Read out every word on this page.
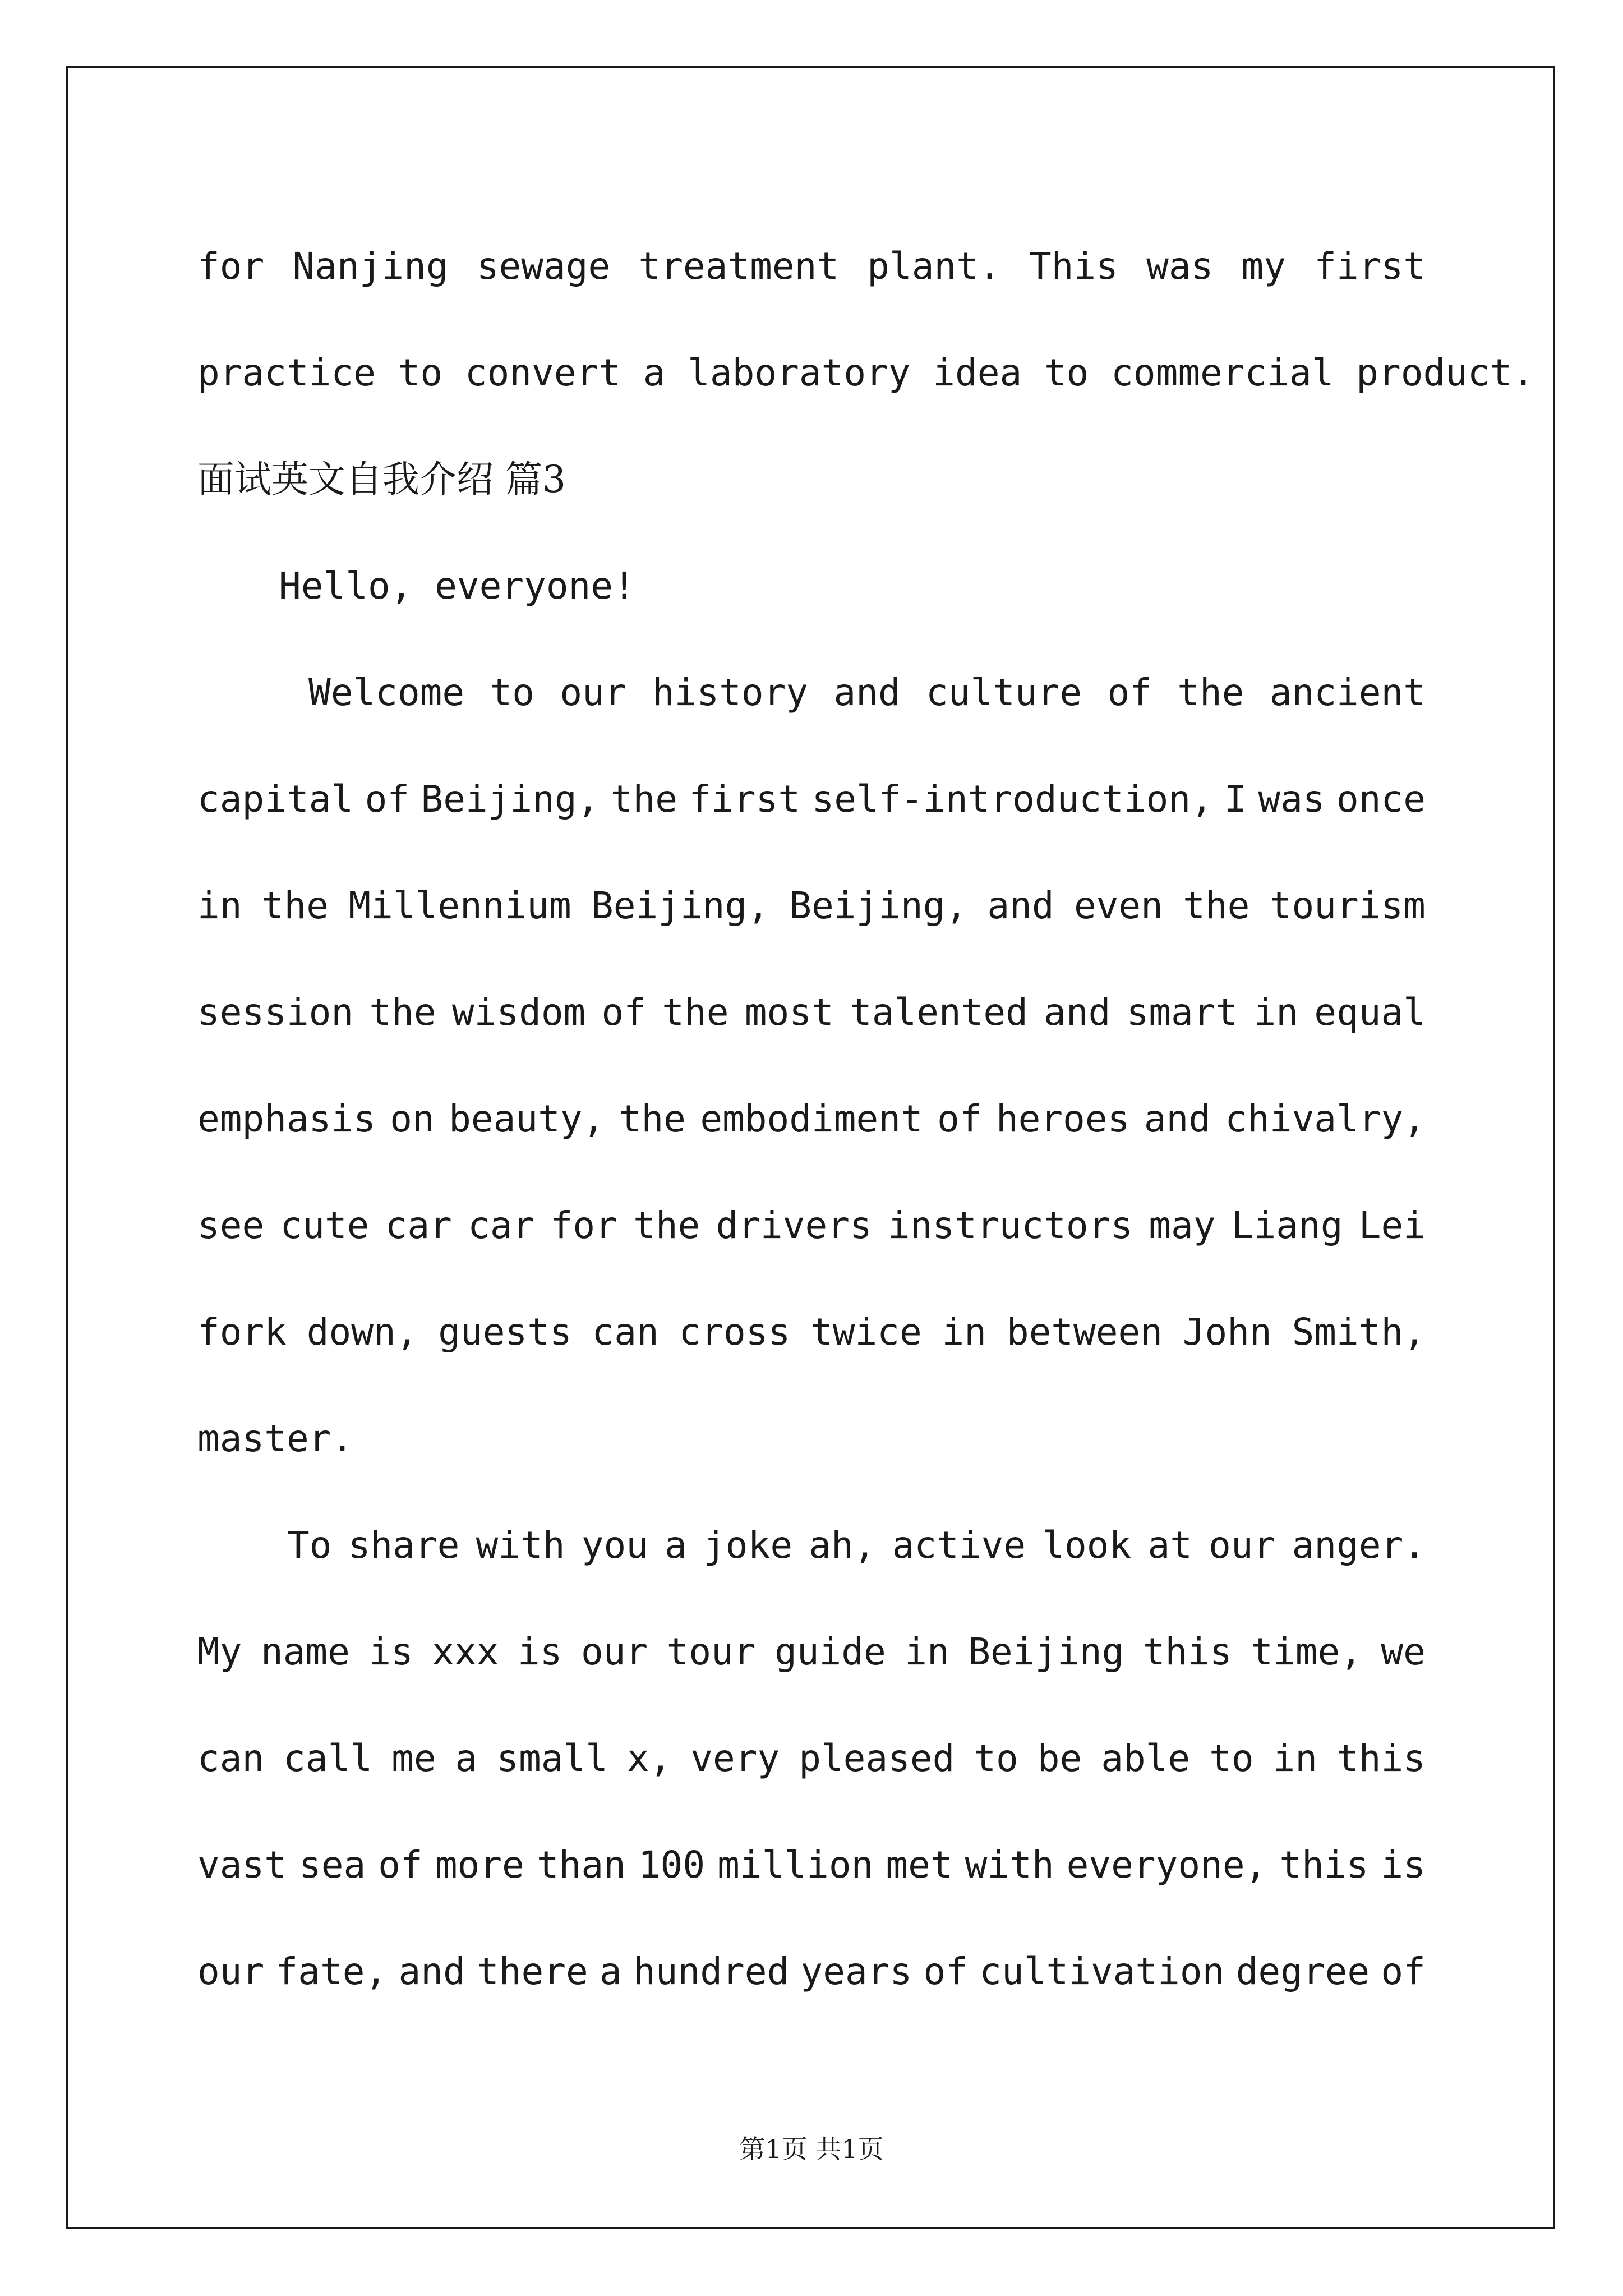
for Nanjing sewage treatment plant. This was my first
practice to convert a laboratory idea to commercial product.
面试英文自我介绍 篇3
Hello, everyone!
Welcome to our history and culture of the ancient
capital of Beijing, the first self-introduction, I was once
in the Millennium Beijing, Beijing, and even the tourism
session the wisdom of the most talented and smart in equal
emphasis on beauty, the embodiment of heroes and chivalry,
see cute car car for the drivers instructors may Liang Lei
fork down, guests can cross twice in between John Smith,
master.
To share with you a joke ah, active look at our anger.
My name is xxx is our tour guide in Beijing this time, we
can call me a small x, very pleased to be able to in this
vast sea of more than 100 million met with everyone, this is
our fate, and there a hundred years of cultivation degree of
第1页 共1页
